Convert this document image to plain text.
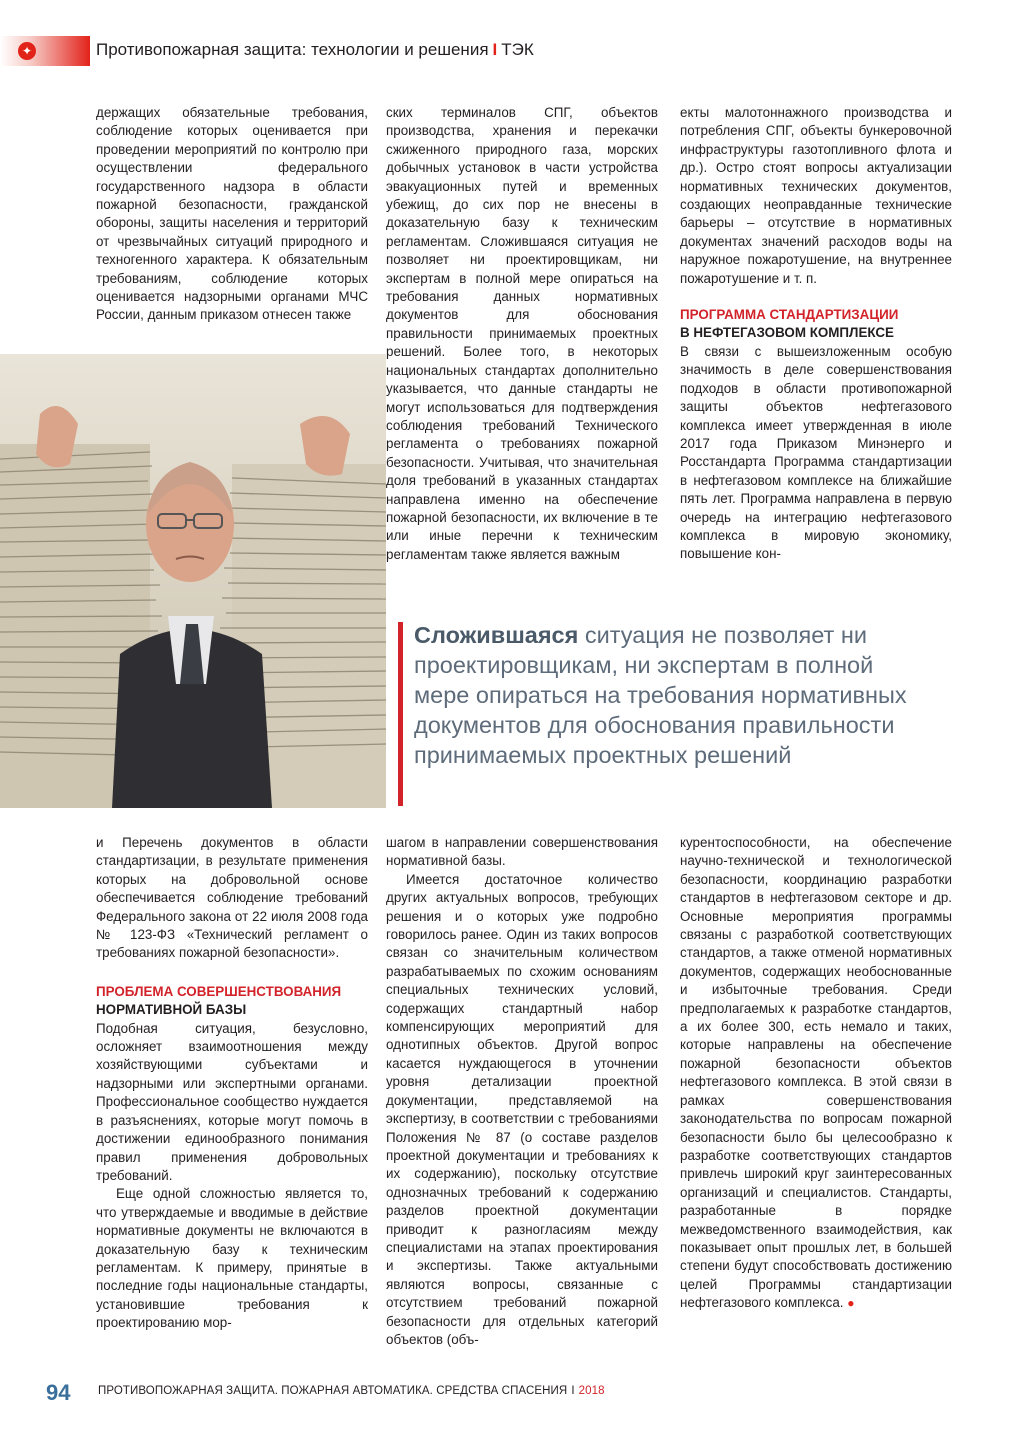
✦	Противопожарная защита: технологии и решения I ТЭК

держащих обязательные требования, соблюдение которых оценивается при проведении мероприятий по контролю при осуществлении федерального государственного надзора в области пожарной безопасности, гражданской обороны, защиты населения и территорий от чрезвычайных ситуаций природного и техногенного характера. К обязательным требованиям, соблюдение которых оценивается надзорными органами МЧС России, данным приказом отнесен также

ских терминалов СПГ, объектов производства, хранения и перекачки сжиженного природного газа, морских добычных установок в части устройства эвакуационных путей и временных убежищ, до сих пор не внесены в доказательную базу к техническим регламентам. Сложившаяся ситуация не позволяет ни проектировщикам, ни экспертам в полной мере опираться на требования данных нормативных документов для обоснования правильности принимаемых проектных решений. Более того, в некоторых национальных стандартах дополнительно указывается, что данные стандарты не могут использоваться для подтверждения соблюдения требований Технического регламента о требованиях пожарной безопасности. Учитывая, что значительная доля требований в указанных стандартах направлена именно на обеспечение пожарной безопасности, их включение в те или иные перечни к техническим регламентам также является важным

екты малотоннажного производства и потребления СПГ, объекты бункеровочной инфраструктуры газотопливного флота и др.). Остро стоят вопросы актуализации нормативных технических документов, создающих неоправданные технические барьеры – отсутствие в нормативных документах значений расходов воды на наружное пожаротушение, на внутреннее пожаротушение и т. п.

ПРОГРАММА СТАНДАРТИЗАЦИИ
В НЕФТЕГАЗОВОМ КОМПЛЕКСЕ

В связи с вышеизложенным особую значимость в деле совершенствования подходов в области противопожарной защиты объектов нефтегазового комплекса имеет утвержденная в июле 2017 года Приказом Минэнерго и Росстандарта Программа стандартизации в нефтегазовом комплексе на ближайшие пять лет. Программа направлена в первую очередь на интеграцию нефтегазового комплекса в мировую экономику, повышение кон-

Сложившаяся ситуация не позволяет ни проектировщикам, ни экспертам в полной мере опираться на требования нормативных документов для обоснования правильности принимаемых проектных решений

и Перечень документов в области стандартизации, в результате применения которых на добровольной основе обеспечивается соблюдение требований Федерального закона от 22 июля 2008 года № 123-ФЗ «Технический регламент о требованиях пожарной безопасности».

ПРОБЛЕМА СОВЕРШЕНСТВОВАНИЯ
НОРМАТИВНОЙ БАЗЫ

Подобная ситуация, безусловно, осложняет взаимоотношения между хозяйствующими субъектами и надзорными или экспертными органами. Профессиональное сообщество нуждается в разъяснениях, которые могут помочь в достижении единообразного понимания правил применения добровольных требований.

Еще одной сложностью является то, что утверждаемые и вводимые в действие нормативные документы не включаются в доказательную базу к техническим регламентам. К примеру, принятые в последние годы национальные стандарты, установившие требования к проектированию мор-

шагом в направлении совершенствования нормативной базы.

Имеется достаточное количество других актуальных вопросов, требующих решения и о которых уже подробно говорилось ранее. Один из таких вопросов связан со значительным количеством разрабатываемых по схожим основаниям специальных технических условий, содержащих стандартный набор компенсирующих мероприятий для однотипных объектов. Другой вопрос касается нуждающегося в уточнении уровня детализации проектной документации, представляемой на экспертизу, в соответствии с требованиями Положения № 87 (о составе разделов проектной документации и требованиях к их содержанию), поскольку отсутствие однозначных требований к содержанию разделов проектной документации приводит к разногласиям между специалистами на этапах проектирования и экспертизы. Также актуальными являются вопросы, связанные с отсутствием требований пожарной безопасности для отдельных категорий объектов (объ-

курентоспособности, на обеспечение научно-технической и технологической безопасности, координацию разработки стандартов в нефтегазовом секторе и др. Основные мероприятия программы связаны с разработкой соответствующих стандартов, а также отменой нормативных документов, содержащих необоснованные и избыточные требования. Среди предполагаемых к разработке стандартов, а их более 300, есть немало и таких, которые направлены на обеспечение пожарной безопасности объектов нефтегазового комплекса. В этой связи в рамках совершенствования законодательства по вопросам пожарной безопасности было бы целесообразно к разработке соответствующих стандартов привлечь широкий круг заинтересованных организаций и специалистов. Стандарты, разработанные в порядке межведомственного взаимодействия, как показывает опыт прошлых лет, в большей степени будут способствовать достижению целей Программы стандартизации нефтегазового комплекса. ●

94 ПРОТИВОПОЖАРНАЯ ЗАЩИТА. ПОЖАРНАЯ АВТОМАТИКА. СРЕДСТВА СПАСЕНИЯ I 2018
